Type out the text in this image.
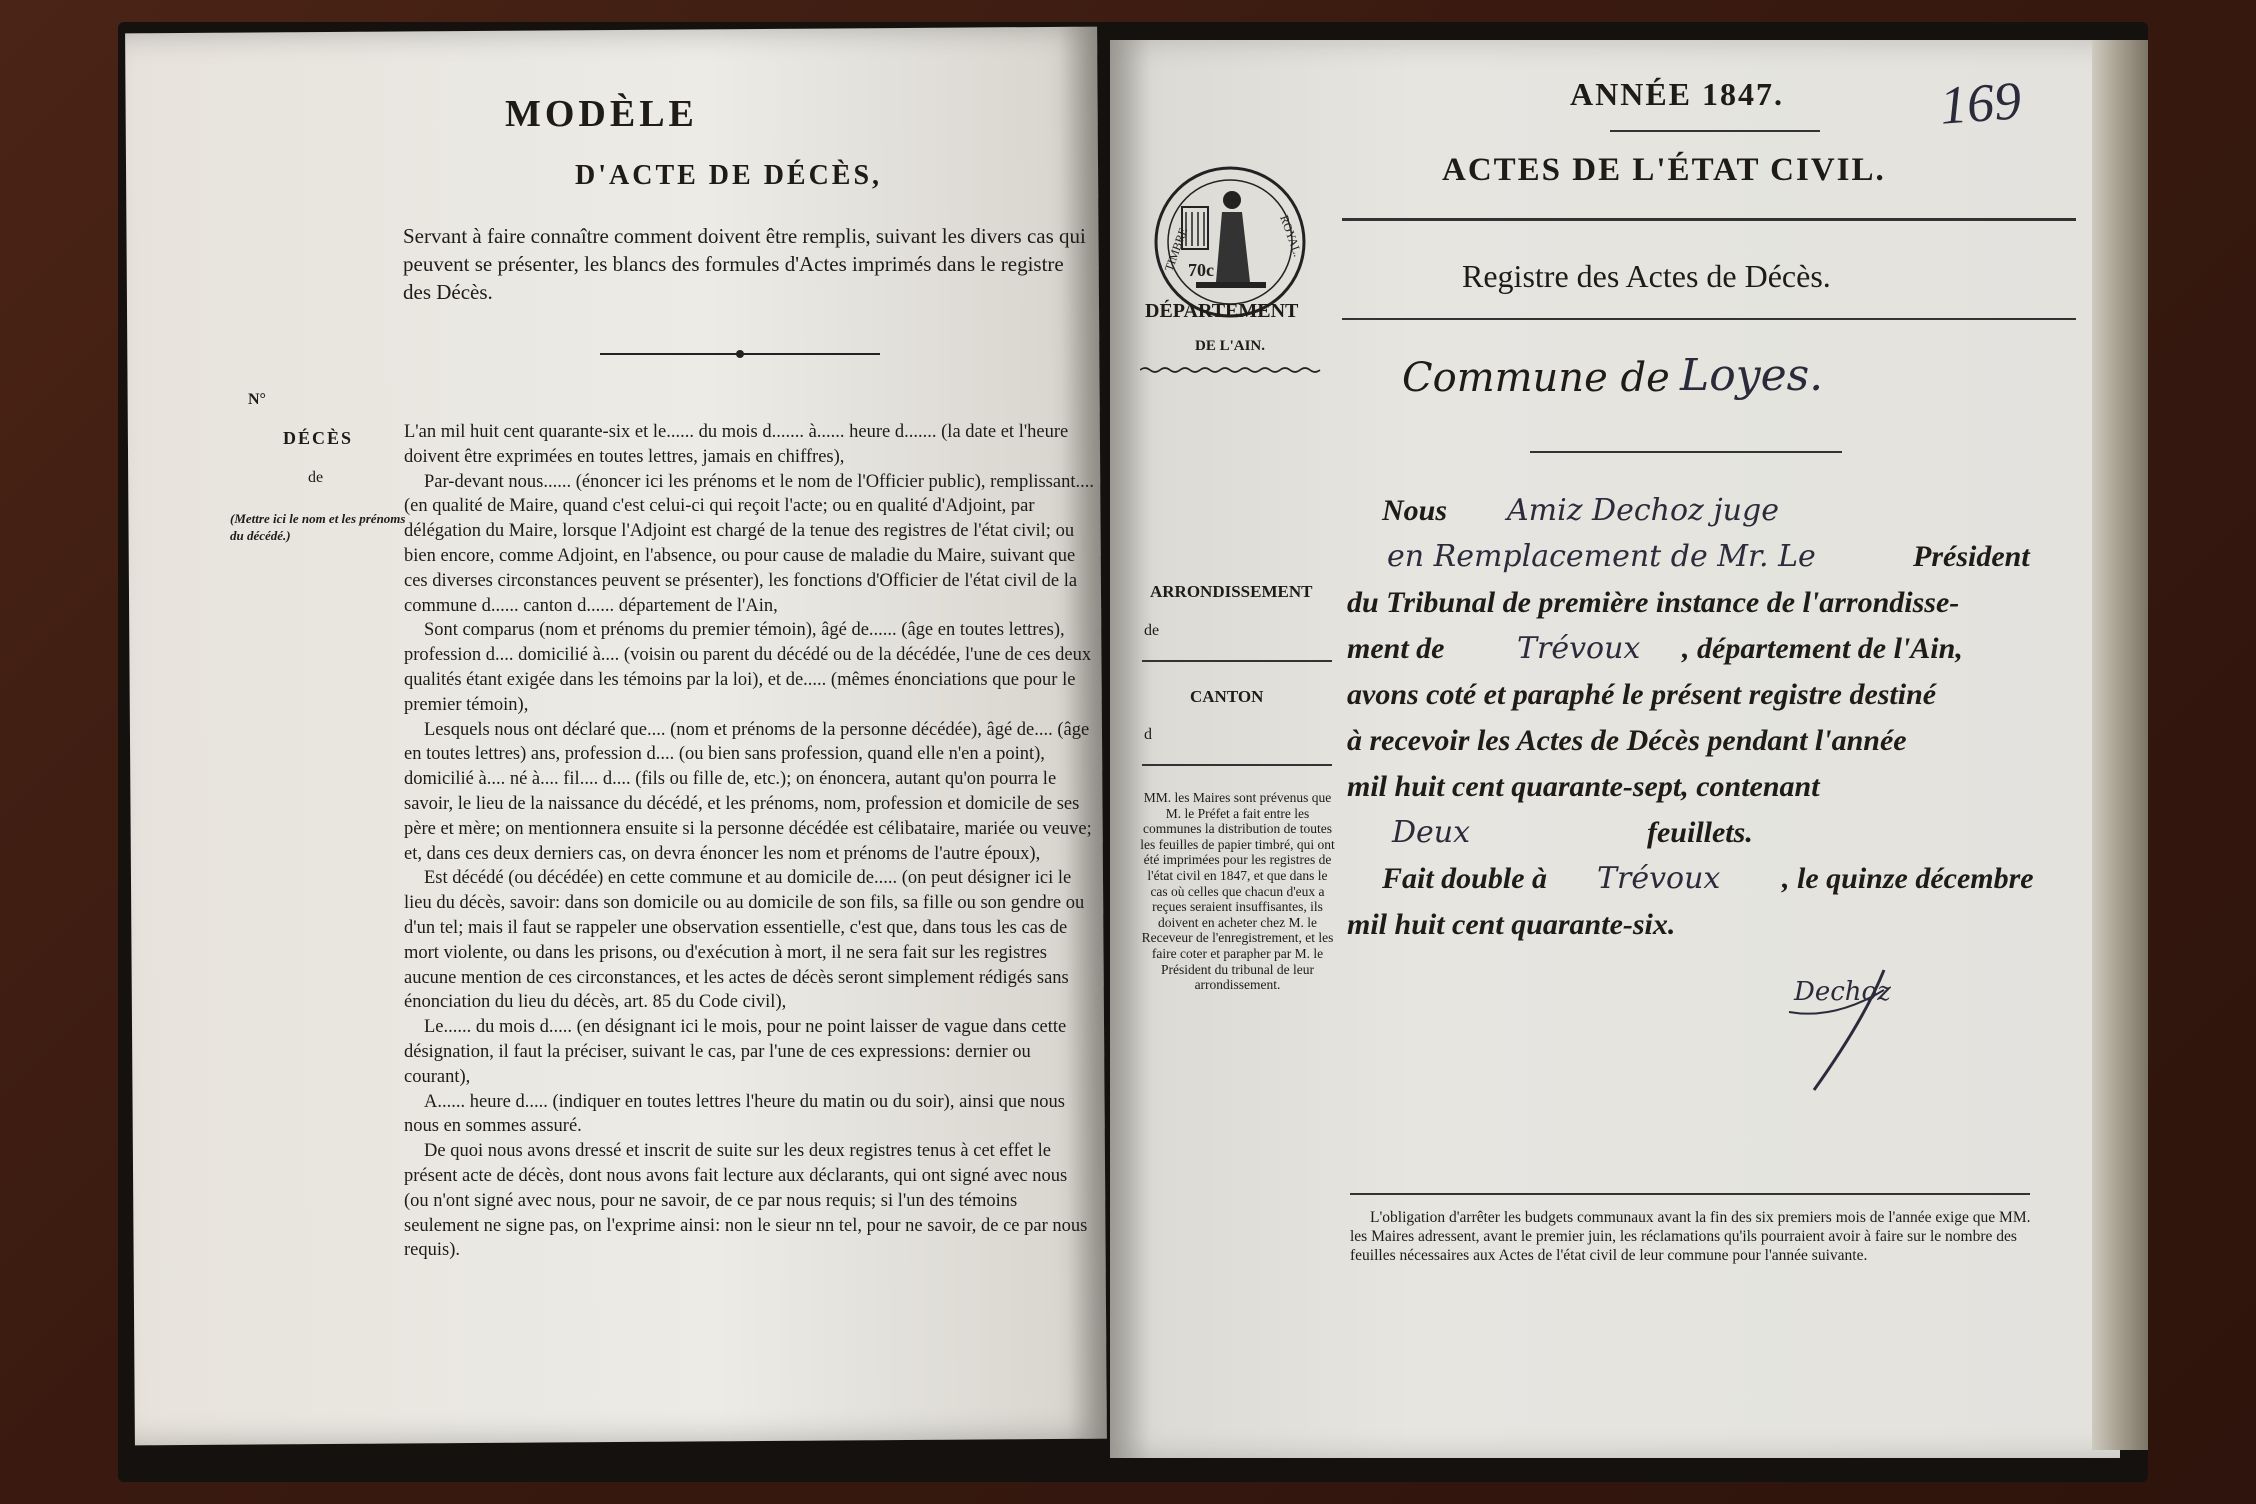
MODÈLE
D'ACTE DE DÉCÈS,
Servant à faire connaître comment doivent être remplis, suivant les divers cas qui peuvent se présenter, les blancs des formules d'Actes imprimés dans le registre des Décès.
N°
DÉCÈS
de
(Mettre ici le nom et les prénoms du décédé.)

L'an mil huit cent quarante-six et le...... du mois d....... à...... heure d....... (la date et l'heure doivent être exprimées en toutes lettres, jamais en chiffres),

Par-devant nous...... (énoncer ici les prénoms et le nom de l'Officier public), remplissant.... (en qualité de Maire, quand c'est celui-ci qui reçoit l'acte; ou en qualité d'Adjoint, par délégation du Maire, lorsque l'Adjoint est chargé de la tenue des registres de l'état civil; ou bien encore, comme Adjoint, en l'absence, ou pour cause de maladie du Maire, suivant que ces diverses circonstances peuvent se présenter), les fonctions d'Officier de l'état civil de la commune d...... canton d...... département de l'Ain,

Sont comparus (nom et prénoms du premier témoin), âgé de...... (âge en toutes lettres), profession d.... domicilié à.... (voisin ou parent du décédé ou de la décédée, l'une de ces deux qualités étant exigée dans les témoins par la loi), et de..... (mêmes énonciations que pour le premier témoin),

Lesquels nous ont déclaré que.... (nom et prénoms de la personne décédée), âgé de.... (âge en toutes lettres) ans, profession d.... (ou bien sans profession, quand elle n'en a point), domicilié à.... né à.... fil.... d.... (fils ou fille de, etc.); on énoncera, autant qu'on pourra le savoir, le lieu de la naissance du décédé, et les prénoms, nom, profession et domicile de ses père et mère; on mentionnera ensuite si la personne décédée est célibataire, mariée ou veuve; et, dans ces deux derniers cas, on devra énoncer les nom et prénoms de l'autre époux),

Est décédé (ou décédée) en cette commune et au domicile de..... (on peut désigner ici le lieu du décès, savoir: dans son domicile ou au domicile de son fils, sa fille ou son gendre ou d'un tel; mais il faut se rappeler une observation essentielle, c'est que, dans tous les cas de mort violente, ou dans les prisons, ou d'exécution à mort, il ne sera fait sur les registres aucune mention de ces circonstances, et les actes de décès seront simplement rédigés sans énonciation du lieu du décès, art. 85 du Code civil),

Le...... du mois d..... (en désignant ici le mois, pour ne point laisser de vague dans cette désignation, il faut la préciser, suivant le cas, par l'une de ces expressions: dernier ou courant),

A...... heure d..... (indiquer en toutes lettres l'heure du matin ou du soir), ainsi que nous nous en sommes assuré.

De quoi nous avons dressé et inscrit de suite sur les deux registres tenus à cet effet le présent acte de décès, dont nous avons fait lecture aux déclarants, qui ont signé avec nous (ou n'ont signé avec nous, pour ne savoir, de ce par nous requis; si l'un des témoins seulement ne signe pas, on l'exprime ainsi: non le sieur nn tel, pour ne savoir, de ce par nous requis).

ANNÉE 1847.	169
ACTES DE L'ÉTAT CIVIL.
Registre des Actes de Décès.
Commune de Loyes.
TIMBRE	ROYAL.
70c
DÉPARTEMENT
DE L'AIN.
ARRONDISSEMENT
de
CANTON
d
MM. les Maires sont prévenus que M. le Préfet a fait entre les communes la distribution de toutes les feuilles de papier timbré, qui ont été imprimées pour les registres de l'état civil en 1847, et que dans le cas où celles que chacun d'eux a reçues seraient insuffisantes, ils doivent en acheter chez M. le Receveur de l'enregistrement, et les faire coter et parapher par M. le Président du tribunal de leur arrondissement.
Nous Amiz Dechoz juge
en Remplacement de Mr. Le	Président
du Tribunal de première instance de l'arrondisse-
ment de Trévoux , département de l'Ain,
avons coté et paraphé le présent registre destiné
à recevoir les Actes de Décès pendant l'année
mil huit cent quarante-sept, contenant
Deux	feuillets.
Fait double à Trévoux , le quinze décembre
mil huit cent quarante-six.
Dechoz
L'obligation d'arrêter les budgets communaux avant la fin des six premiers mois de l'année exige que MM. les Maires adressent, avant le premier juin, les réclamations qu'ils pourraient avoir à faire sur le nombre des feuilles nécessaires aux Actes de l'état civil de leur commune pour l'année suivante.
